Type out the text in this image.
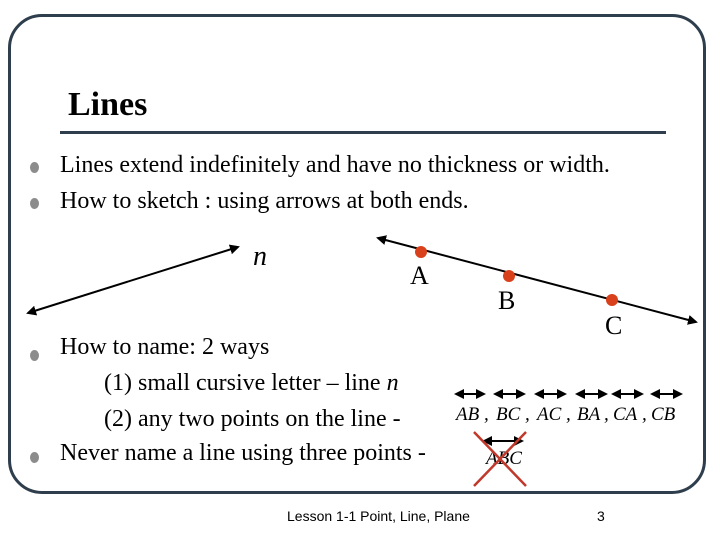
Lines
Lines extend indefinitely and have no thickness or width.
How to sketch : using arrows at both ends.
n
A
B
C
AB , BC , AC , BA , CA , CB
ABC
How to name: 2 ways
(1) small cursive letter – line n
(2) any two points on the line -
Never name a line using three points -
Lesson 1-1 Point, Line, Plane	3
